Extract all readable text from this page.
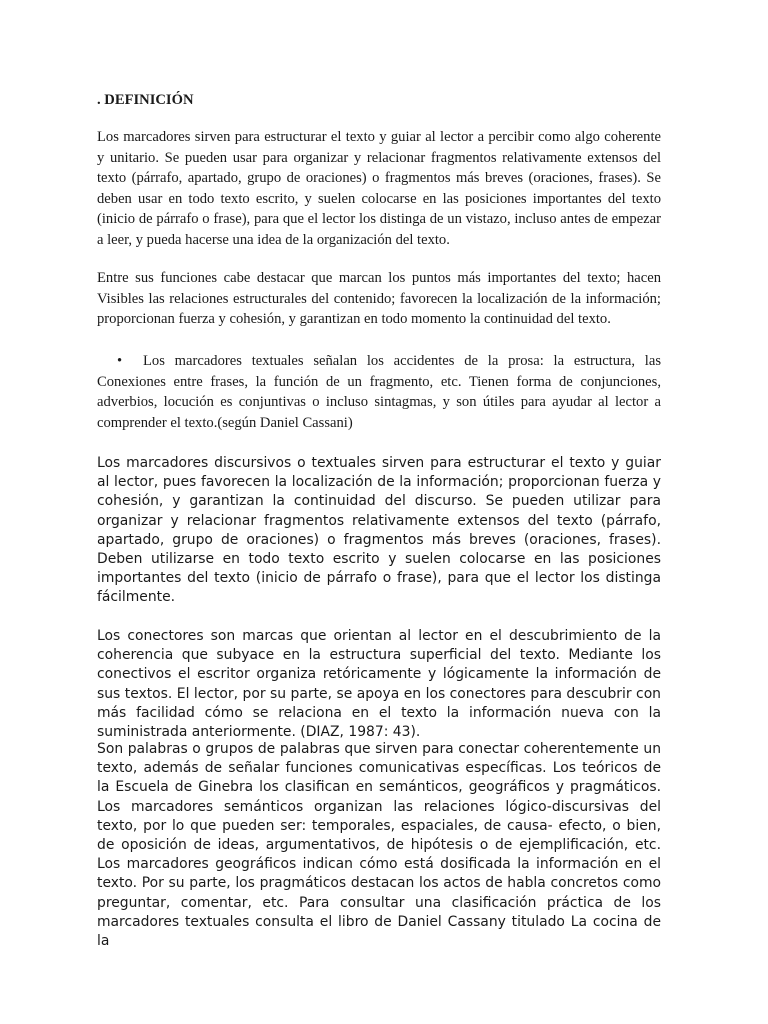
. DEFINICIÓN

Los marcadores sirven para estructurar el texto y guiar al lector a percibir como algo coherente y unitario. Se pueden usar para organizar y relacionar fragmentos relativamente extensos del texto (párrafo, apartado, grupo de oraciones) o fragmentos más breves (oraciones, frases). Se deben usar en todo texto escrito, y suelen colocarse en las posiciones importantes del texto (inicio de párrafo o frase), para que el lector los distinga de un vistazo, incluso antes de empezar a leer, y pueda hacerse una idea de la organización del texto.

Entre sus funciones cabe destacar que marcan los puntos más importantes del texto; hacen Visibles las relaciones estructurales del contenido; favorecen la localización de la información; proporcionan fuerza y cohesión, y garantizan en todo momento la continuidad del texto.

• Los marcadores textuales señalan los accidentes de la prosa: la estructura, las Conexiones entre frases, la función de un fragmento, etc. Tienen forma de conjunciones, adverbios, locución es conjuntivas o incluso sintagmas, y son útiles para ayudar al lector a comprender el texto.(según Daniel Cassani)

Los marcadores discursivos o textuales sirven para estructurar el texto y guiar al lector, pues favorecen la localización de la información; proporcionan fuerza y cohesión, y garantizan la continuidad del discurso. Se pueden utilizar para organizar y relacionar fragmentos relativamente extensos del texto (párrafo, apartado, grupo de oraciones) o fragmentos más breves (oraciones, frases). Deben utilizarse en todo texto escrito y suelen colocarse en las posiciones importantes del texto (inicio de párrafo o frase), para que el lector los distinga fácilmente.

Los conectores son marcas que orientan al lector en el descubrimiento de la coherencia que subyace en la estructura superficial del texto. Mediante los conectivos el escritor organiza retóricamente y lógicamente la información de sus textos. El lector, por su parte, se apoya en los conectores para descubrir con más facilidad cómo se relaciona en el texto la información nueva con la suministrada anteriormente. (DIAZ, 1987: 43).

Son palabras o grupos de palabras que sirven para conectar coherentemente un texto, además de señalar funciones comunicativas específicas. Los teóricos de la Escuela de Ginebra los clasifican en semánticos, geográficos y pragmáticos. Los marcadores semánticos organizan las relaciones lógico-discursivas del texto, por lo que pueden ser: temporales, espaciales, de causa- efecto, o bien, de oposición de ideas, argumentativos, de hipótesis o de ejemplificación, etc. Los marcadores geográficos indican cómo está dosificada la información en el texto. Por su parte, los pragmáticos destacan los actos de habla concretos como preguntar, comentar, etc. Para consultar una clasificación práctica de los marcadores textuales consulta el libro de Daniel Cassany titulado La cocina de la
